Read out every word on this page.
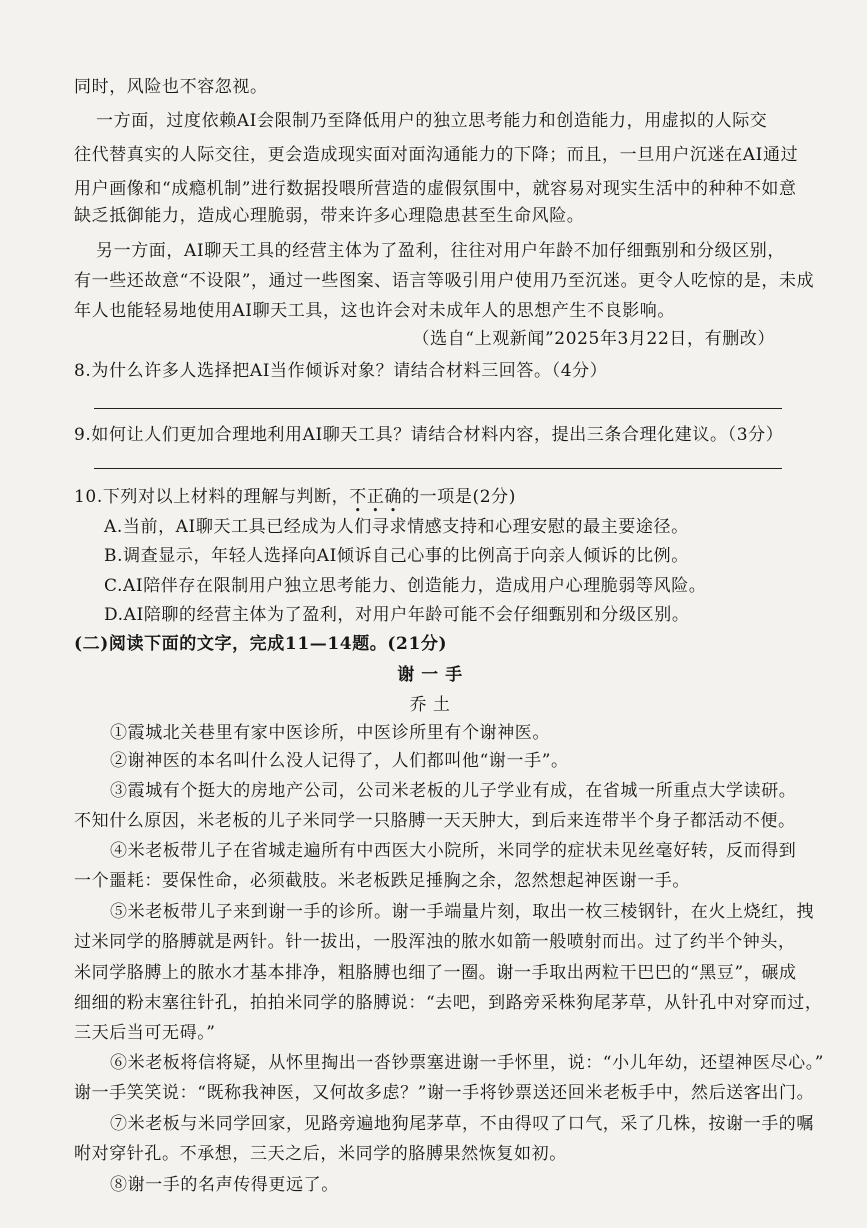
同时，风险也不容忽视。
一方面，过度依赖AI会限制乃至降低用户的独立思考能力和创造能力，用虚拟的人际交
往代替真实的人际交往，更会造成现实面对面沟通能力的下降；而且，一旦用户沉迷在AI通过
用户画像和“成瘾机制”进行数据投喂所营造的虚假氛围中，就容易对现实生活中的种种不如意
缺乏抵御能力，造成心理脆弱，带来许多心理隐患甚至生命风险。
另一方面，AI聊天工具的经营主体为了盈利，往往对用户年龄不加仔细甄别和分级区别，
有一些还故意“不设限”，通过一些图案、语言等吸引用户使用乃至沉迷。更令人吃惊的是，未成
年人也能轻易地使用AI聊天工具，这也许会对未成年人的思想产生不良影响。
（选自“上观新闻”2025年3月22日，有删改）
8.为什么许多人选择把AI当作倾诉对象？请结合材料三回答。（4分）
9.如何让人们更加合理地利用AI聊天工具？请结合材料内容，提出三条合理化建议。（3分）
10.下列对以上材料的理解与判断，不正确的一项是(2分)
A.当前，AI聊天工具已经成为人们寻求情感支持和心理安慰的最主要途径。
B.调查显示，年轻人选择向AI倾诉自己心事的比例高于向亲人倾诉的比例。
C.AI陪伴存在限制用户独立思考能力、创造能力，造成用户心理脆弱等风险。
D.AI陪聊的经营主体为了盈利，对用户年龄可能不会仔细甄别和分级区别。
(二)阅读下面的文字，完成11—14题。(21分)
谢 一 手
乔 土
①霞城北关巷里有家中医诊所，中医诊所里有个谢神医。
②谢神医的本名叫什么没人记得了，人们都叫他“谢一手”。
③霞城有个挺大的房地产公司，公司米老板的儿子学业有成，在省城一所重点大学读研。
不知什么原因，米老板的儿子米同学一只胳膊一天天肿大，到后来连带半个身子都活动不便。
④米老板带儿子在省城走遍所有中西医大小院所，米同学的症状未见丝毫好转，反而得到
一个噩耗：要保性命，必须截肢。米老板跌足捶胸之余，忽然想起神医谢一手。
⑤米老板带儿子来到谢一手的诊所。谢一手端量片刻，取出一枚三棱钢针，在火上烧红，拽
过米同学的胳膊就是两针。针一拔出，一股浑浊的脓水如箭一般喷射而出。过了约半个钟头，
米同学胳膊上的脓水才基本排净，粗胳膊也细了一圈。谢一手取出两粒干巴巴的“黑豆”，碾成
细细的粉末塞往针孔，拍拍米同学的胳膊说：“去吧，到路旁采株狗尾茅草，从针孔中对穿而过，
三天后当可无碍。”
⑥米老板将信将疑，从怀里掏出一沓钞票塞进谢一手怀里，说：“小儿年幼，还望神医尽心。”
谢一手笑笑说：“既称我神医，又何故多虑？”谢一手将钞票送还回米老板手中，然后送客出门。
⑦米老板与米同学回家，见路旁遍地狗尾茅草，不由得叹了口气，采了几株，按谢一手的嘱
咐对穿针孔。不承想，三天之后，米同学的胳膊果然恢复如初。
⑧谢一手的名声传得更远了。
